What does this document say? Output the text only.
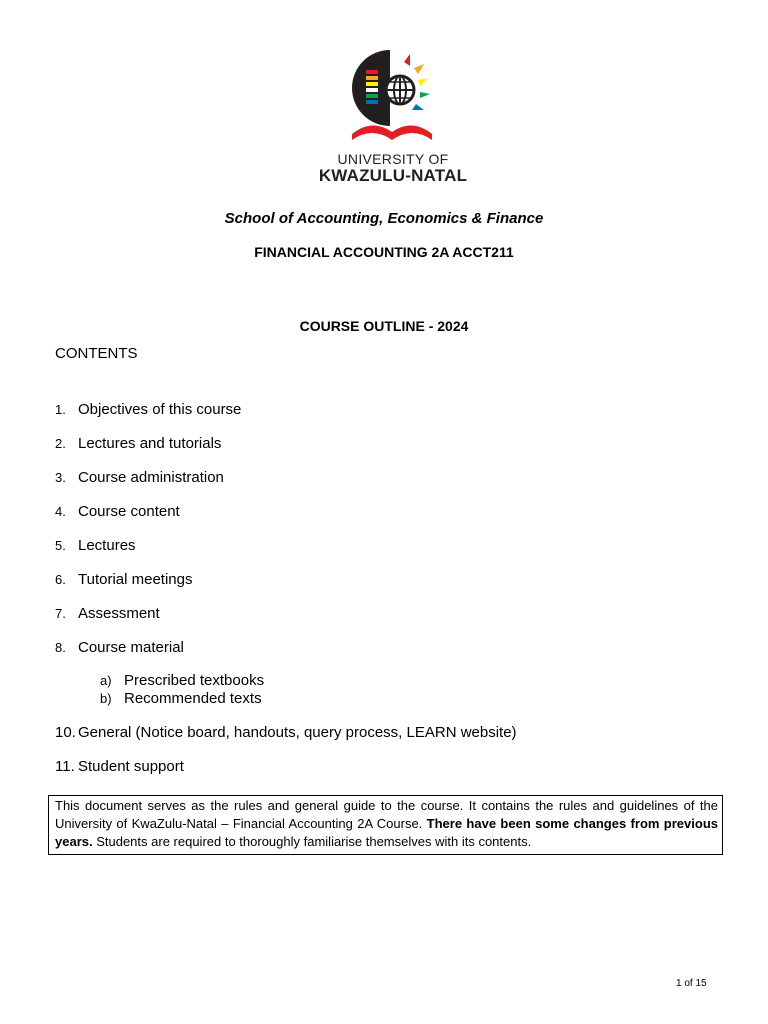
UNIVERSITY OF
KWAZULU-NATAL
School of Accounting, Economics & Finance
FINANCIAL ACCOUNTING 2A ACCT211
COURSE OUTLINE - 2024
CONTENTS
1. Objectives of this course
2. Lectures and tutorials
3. Course administration
4. Course content
5. Lectures
6. Tutorial meetings
7. Assessment
8. Course material
a) Prescribed textbooks
b) Recommended texts
10. General (Notice board, handouts, query process, LEARN website)
11. Student support
This document serves as the rules and general guide to the course. It contains the rules and guidelines of the University of KwaZulu-Natal – Financial Accounting 2A Course. There have been some changes from previous years. Students are required to thoroughly familiarise themselves with its contents.
1 of 15
